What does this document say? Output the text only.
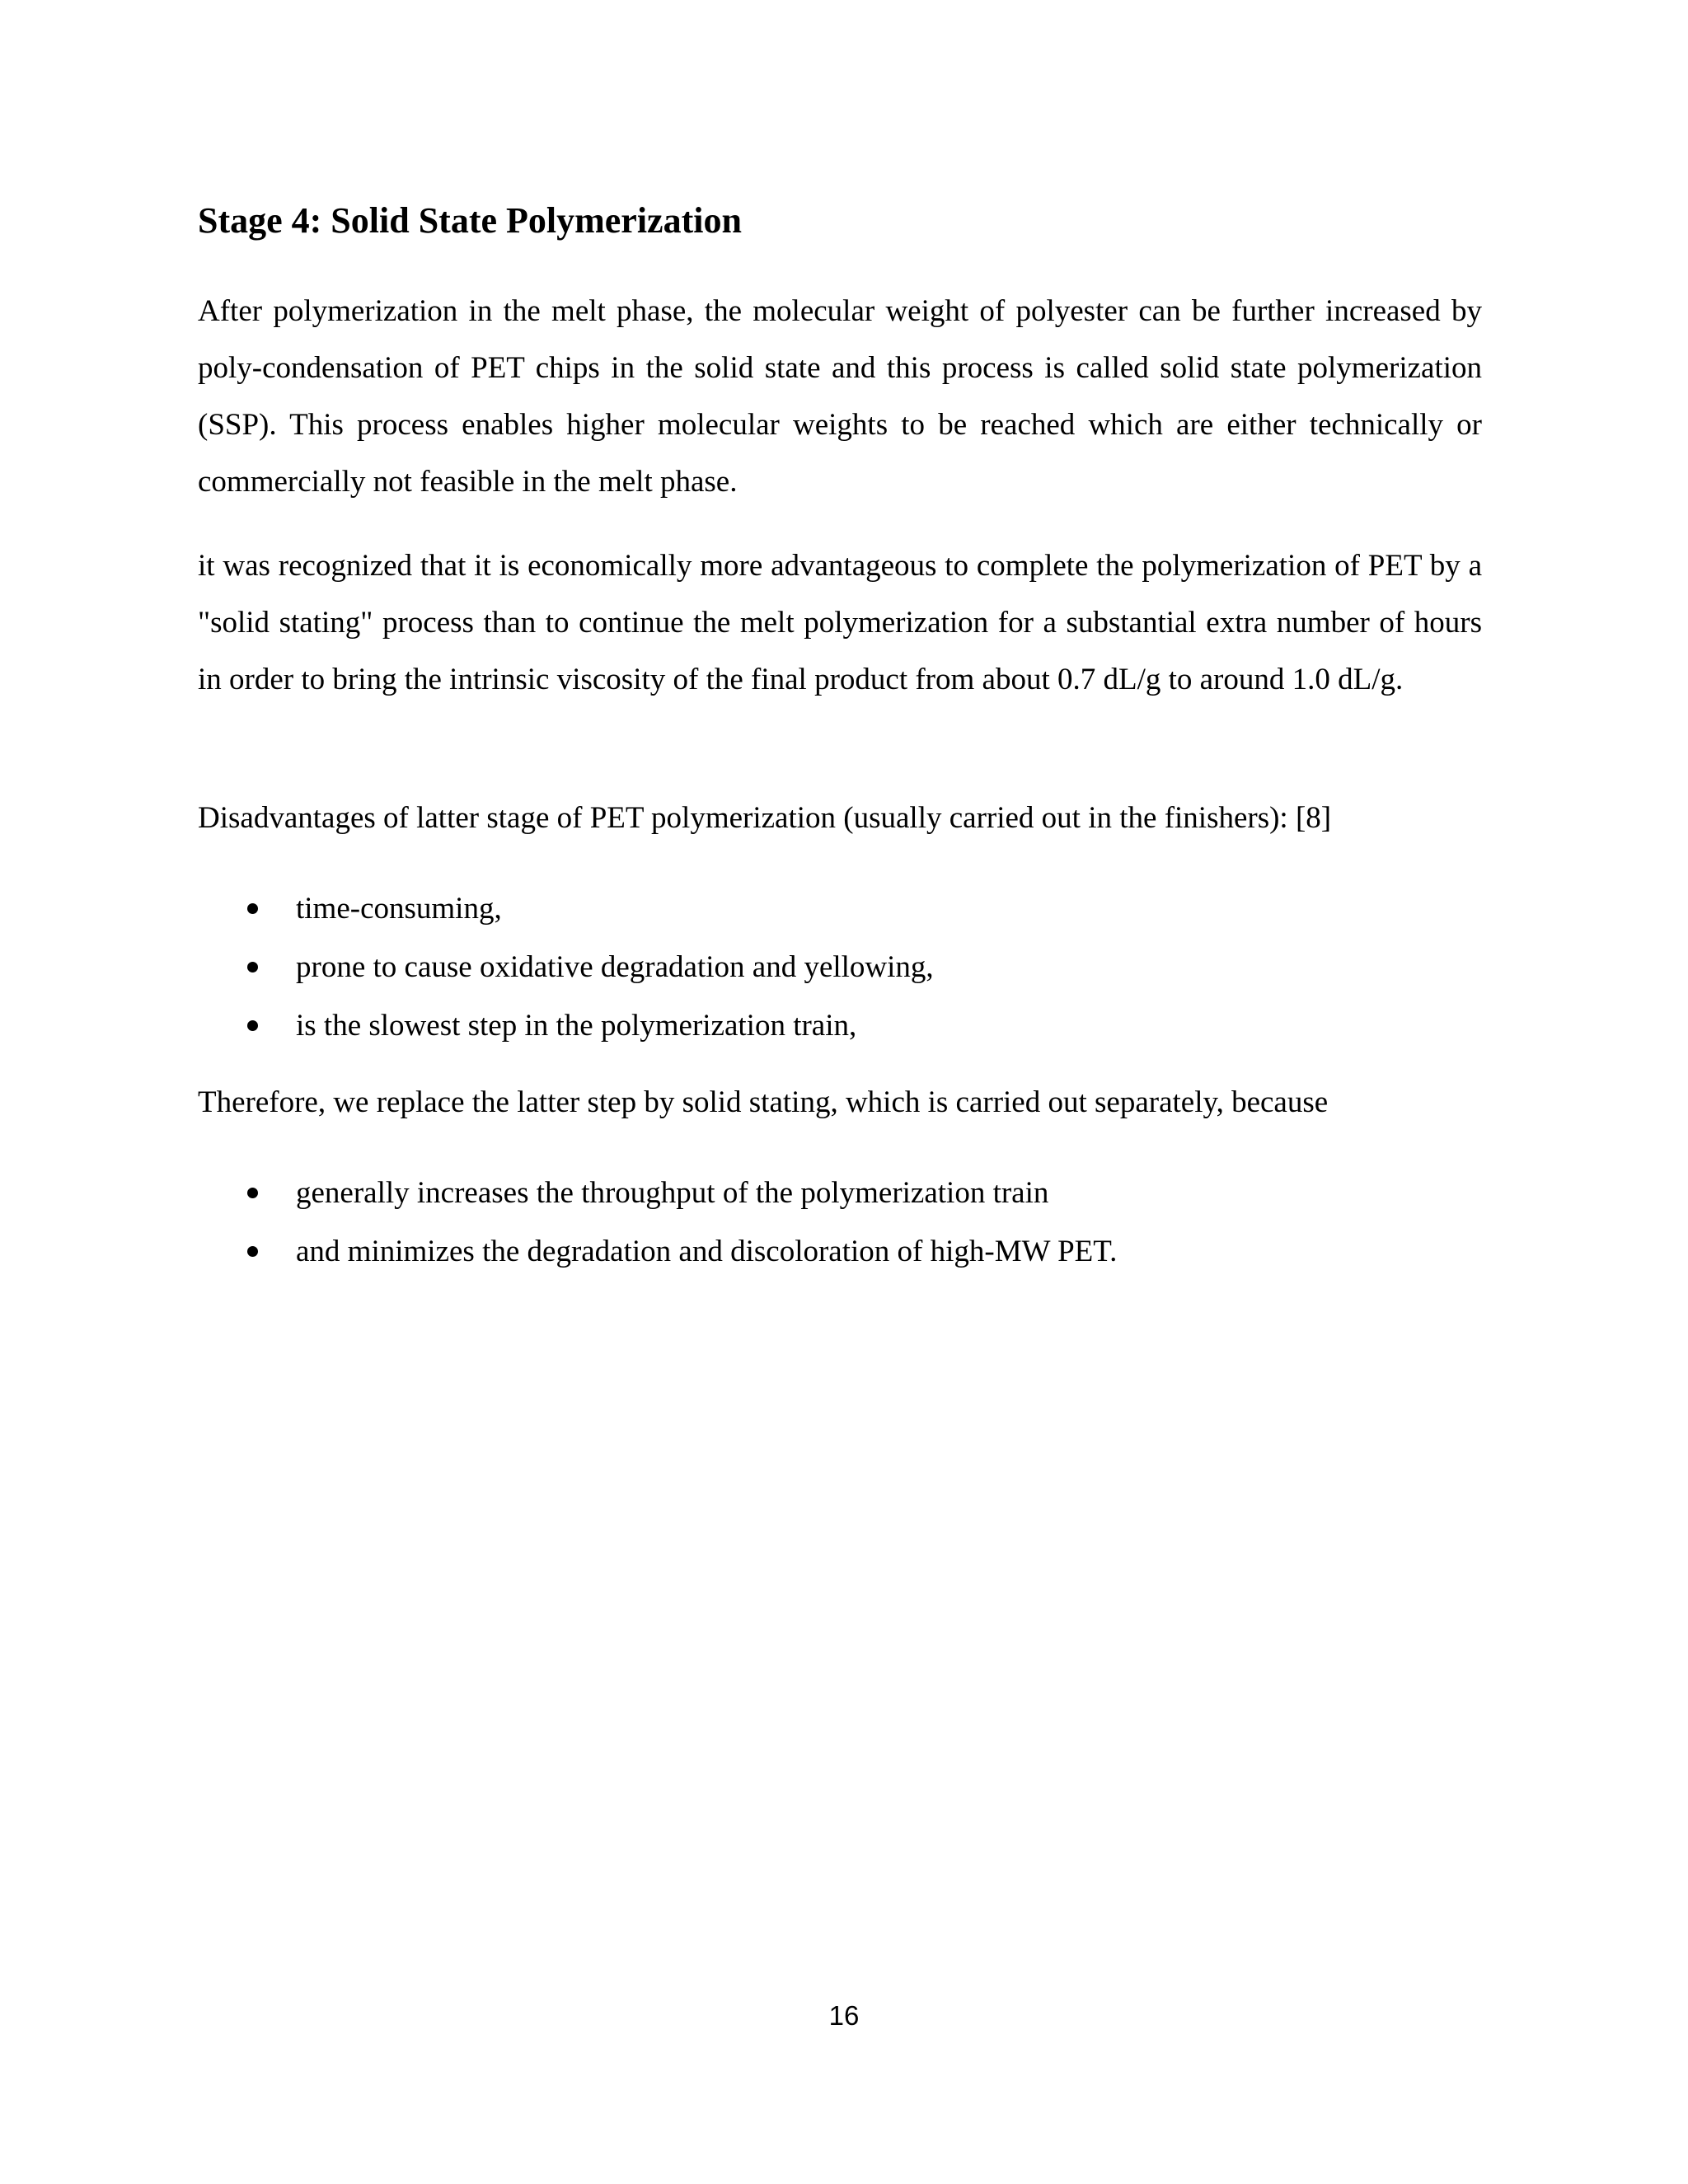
Stage 4: Solid State Polymerization

After polymerization in the melt phase, the molecular weight of polyester can be further increased by poly-condensation of PET chips in the solid state and this process is called solid state polymerization (SSP). This process enables higher molecular weights to be reached which are either technically or commercially not feasible in the melt phase.

it was recognized that it is economically more advantageous to complete the polymerization of PET by a "solid stating" process than to continue the melt polymerization for a substantial extra number of hours in order to bring the intrinsic viscosity of the final product from about 0.7 dL/g to around 1.0 dL/g.

Disadvantages of latter stage of PET polymerization (usually carried out in the finishers): [8]

time-consuming,
prone to cause oxidative degradation and yellowing,
is the slowest step in the polymerization train,

Therefore, we replace the latter step by solid stating, which is carried out separately, because

generally increases the throughput of the polymerization train
and minimizes the degradation and discoloration of high-MW PET.
16
